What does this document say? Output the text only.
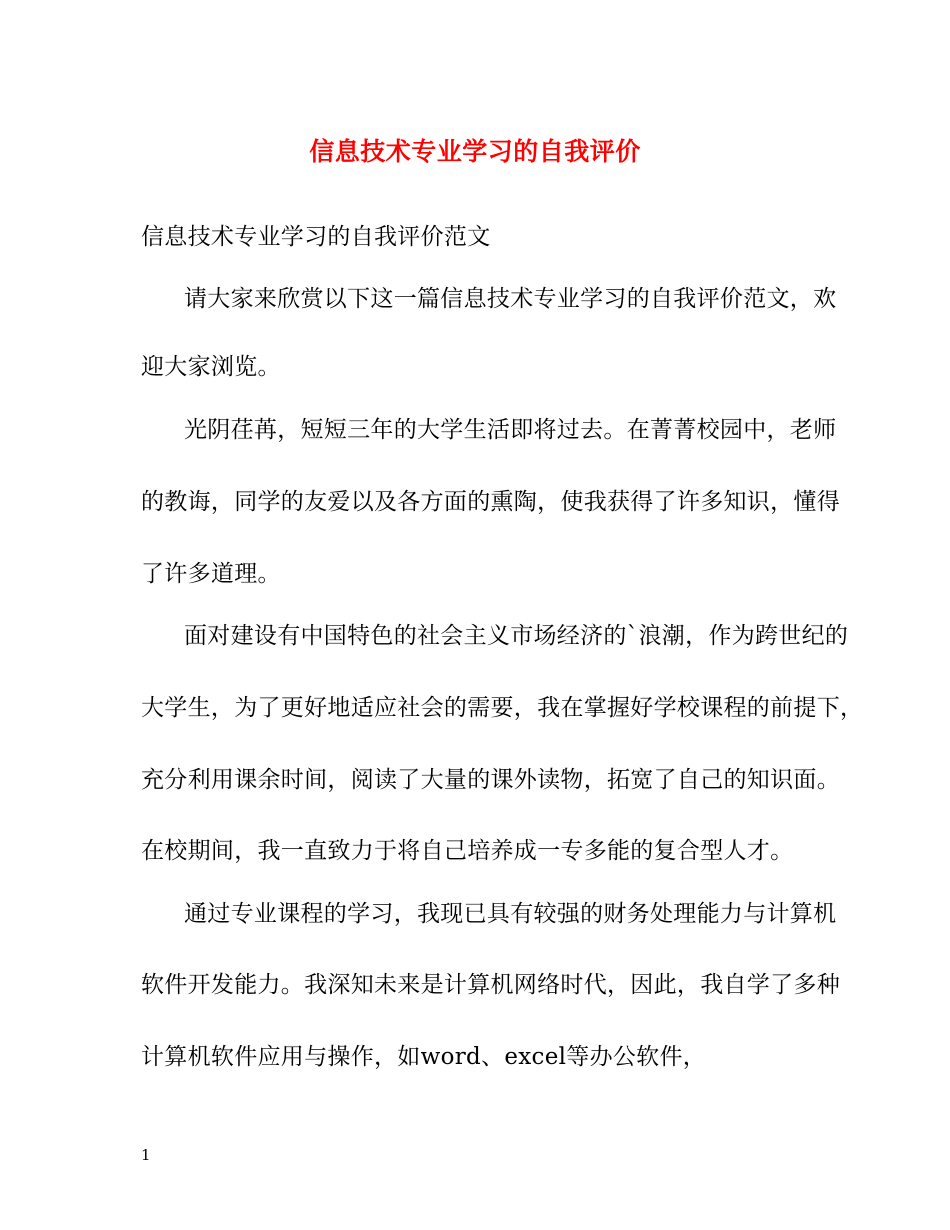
信息技术专业学习的自我评价
信息技术专业学习的自我评价范文
请大家来欣赏以下这一篇信息技术专业学习的自我评价范文，欢
迎大家浏览。
光阴荏苒，短短三年的大学生活即将过去。在菁菁校园中，老师
的教诲，同学的友爱以及各方面的熏陶，使我获得了许多知识，懂得
了许多道理。
面对建设有中国特色的社会主义市场经济的`浪潮，作为跨世纪的
大学生，为了更好地适应社会的需要，我在掌握好学校课程的前提下，
充分利用课余时间，阅读了大量的课外读物，拓宽了自己的知识面。
在校期间，我一直致力于将自己培养成一专多能的复合型人才。
通过专业课程的学习，我现已具有较强的财务处理能力与计算机
软件开发能力。我深知未来是计算机网络时代，因此，我自学了多种
计算机软件应用与操作，如word、excel等办公软件，
1
